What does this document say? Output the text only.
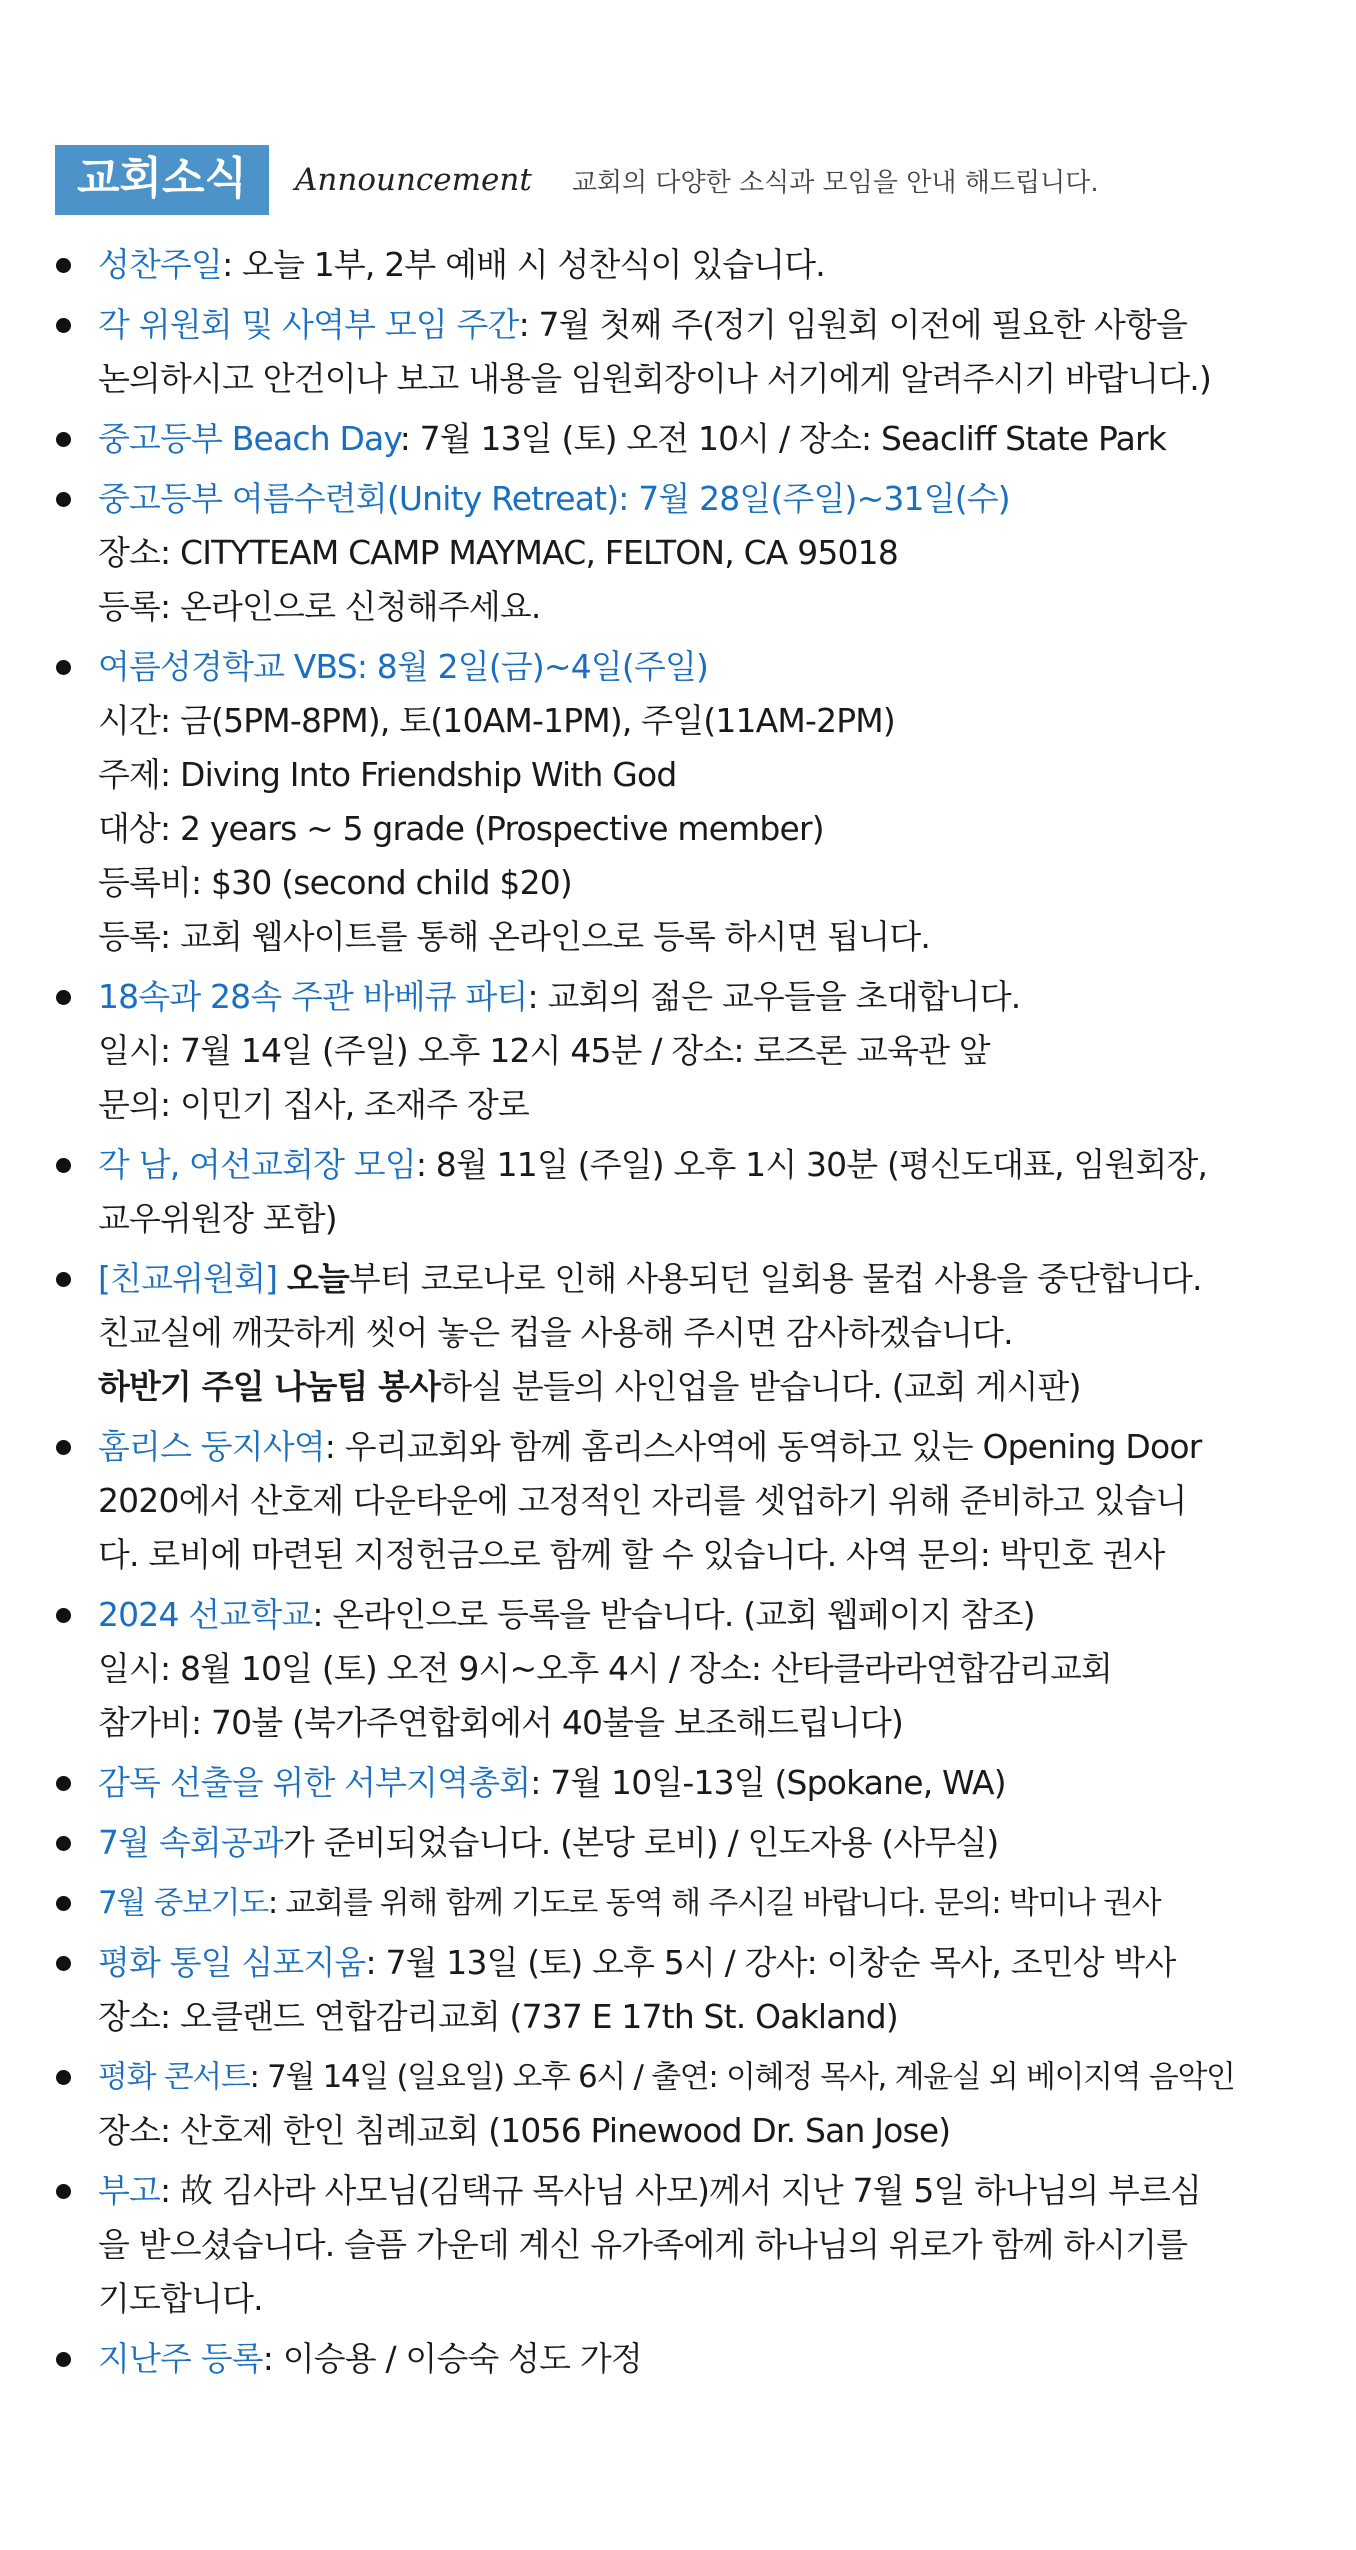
교회소식	Announcement 교회의 다양한 소식과 모임을 안내 해드립니다.
성찬주일: 오늘 1부, 2부 예배 시 성찬식이 있습니다.
각 위원회 및 사역부 모임 주간: 7월 첫째 주(정기 임원회 이전에 필요한 사항을
논의하시고 안건이나 보고 내용을 임원회장이나 서기에게 알려주시기 바랍니다.)
중고등부 Beach Day: 7월 13일 (토) 오전 10시 / 장소: Seacliff State Park
중고등부 여름수련회(Unity Retreat): 7월 28일(주일)~31일(수)
장소: CITYTEAM CAMP MAYMAC, FELTON, CA 95018
등록: 온라인으로 신청해주세요.
여름성경학교 VBS: 8월 2일(금)~4일(주일)
시간: 금(5PM-8PM), 토(10AM-1PM), 주일(11AM-2PM)
주제: Diving Into Friendship With God
대상: 2 years ~ 5 grade (Prospective member)
등록비: $30 (second child $20)
등록: 교회 웹사이트를 통해 온라인으로 등록 하시면 됩니다.
18속과 28속 주관 바베큐 파티: 교회의 젊은 교우들을 초대합니다.
일시: 7월 14일 (주일) 오후 12시 45분 / 장소: 로즈론 교육관 앞
문의: 이민기 집사, 조재주 장로
각 남, 여선교회장 모임: 8월 11일 (주일) 오후 1시 30분 (평신도대표, 임원회장,
교우위원장 포함)
[친교위원회] 오늘부터 코로나로 인해 사용되던 일회용 물컵 사용을 중단합니다.
친교실에 깨끗하게 씻어 놓은 컵을 사용해 주시면 감사하겠습니다.
하반기 주일 나눔팀 봉사하실 분들의 사인업을 받습니다. (교회 게시판)
홈리스 둥지사역: 우리교회와 함께 홈리스사역에 동역하고 있는 Opening Door
2020에서 산호제 다운타운에 고정적인 자리를 셋업하기 위해 준비하고 있습니
다. 로비에 마련된 지정헌금으로 함께 할 수 있습니다. 사역 문의: 박민호 권사
2024 선교학교: 온라인으로 등록을 받습니다. (교회 웹페이지 참조)
일시: 8월 10일 (토) 오전 9시~오후 4시 / 장소: 산타클라라연합감리교회
참가비: 70불 (북가주연합회에서 40불을 보조해드립니다)
감독 선출을 위한 서부지역총회: 7월 10일-13일 (Spokane, WA)
7월 속회공과가 준비되었습니다. (본당 로비) / 인도자용 (사무실)
7월 중보기도: 교회를 위해 함께 기도로 동역 해 주시길 바랍니다. 문의: 박미나 권사
평화 통일 심포지움: 7월 13일 (토) 오후 5시 / 강사: 이창순 목사, 조민상 박사
장소: 오클랜드 연합감리교회 (737 E 17th St. Oakland)
평화 콘서트: 7월 14일 (일요일) 오후 6시 / 출연: 이혜정 목사, 계윤실 외 베이지역 음악인
장소: 산호제 한인 침례교회 (1056 Pinewood Dr. San Jose)
부고: 故 김사라 사모님(김택규 목사님 사모)께서 지난 7월 5일 하나님의 부르심
을 받으셨습니다. 슬픔 가운데 계신 유가족에게 하나님의 위로가 함께 하시기를
기도합니다.
지난주 등록: 이승용 / 이승숙 성도 가정
